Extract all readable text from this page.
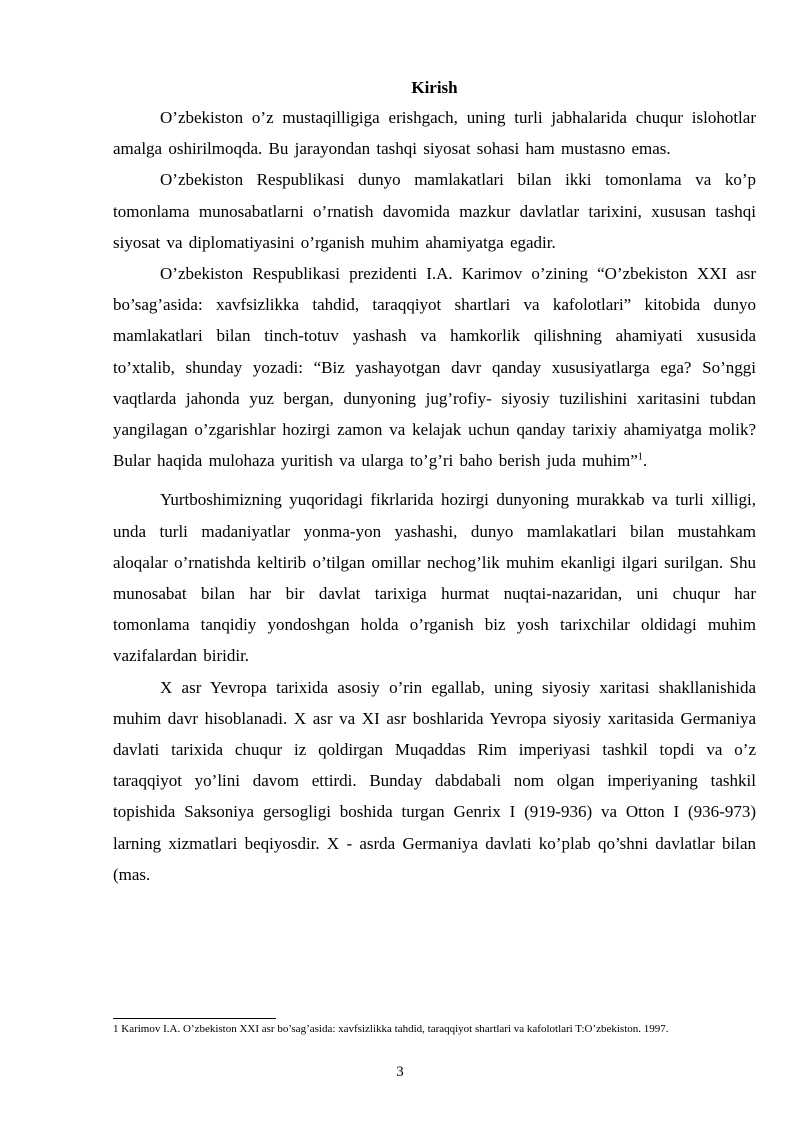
Kirish

O’zbekiston o’z mustaqilligiga erishgach, uning turli jabhalarida chuqur islohotlar amalga oshirilmoqda. Bu jarayondan tashqi siyosat sohasi ham mustasno emas.

O’zbekiston Respublikasi dunyo mamlakatlari bilan ikki tomonlama va ko’p tomonlama munosabatlarni o’rnatish davomida mazkur davlatlar tarixini, xususan tashqi siyosat va diplomatiyasini o’rganish muhim ahamiyatga egadir.

O’zbekiston Respublikasi prezidenti I.A. Karimov o’zining “O’zbekiston XXI asr bo’sag’asida: xavfsizlikka tahdid, taraqqiyot shartlari va kafolotlari” kitobida dunyo mamlakatlari bilan tinch-totuv yashash va hamkorlik qilishning ahamiyati xususida to’xtalib, shunday yozadi: “Biz yashayotgan davr qanday xususiyatlarga ega? So’nggi vaqtlarda jahonda yuz bergan, dunyoning jug’rofiy- siyosiy tuzilishini xaritasini tubdan yangilagan o’zgarishlar hozirgi zamon va kelajak uchun qanday tarixiy ahamiyatga molik? Bular haqida mulohaza yuritish va ularga to’g’ri baho berish juda muhim”$^1$.

Yurtboshimizning yuqoridagi fikrlarida hozirgi dunyoning murakkab va turli xilligi, unda turli madaniyatlar yonma-yon yashashi, dunyo mamlakatlari bilan mustahkam aloqalar o’rnatishda keltirib o’tilgan omillar nechog’lik muhim ekanligi ilgari surilgan. Shu munosabat bilan har bir davlat tarixiga hurmat nuqtai-nazaridan, uni chuqur har tomonlama tanqidiy yondoshgan holda o’rganish biz yosh tarixchilar oldidagi muhim vazifalardan biridir.

X asr Yevropa tarixida asosiy o’rin egallab, uning siyosiy xaritasi shakllanishida muhim davr hisoblanadi. X asr va XI asr boshlarida Yevropa siyosiy xaritasida Germaniya davlati tarixida chuqur iz qoldirgan Muqaddas Rim imperiyasi tashkil topdi va o’z taraqqiyot yo’lini davom ettirdi. Bunday dabdabali nom olgan imperiyaning tashkil topishida Saksoniya gersogligi boshida turgan Genrix I (919-936) va Otton I (936-973) larning xizmatlari beqiyosdir. X - asrda Germaniya davlati ko’plab qo’shni davlatlar bilan (mas.

1 Karimov I.A. O’zbekiston XXI asr bo’sag’asida: xavfsizlikka tahdid, taraqqiyot shartlari va kafolotlari T:O’zbekiston. 1997.

3
